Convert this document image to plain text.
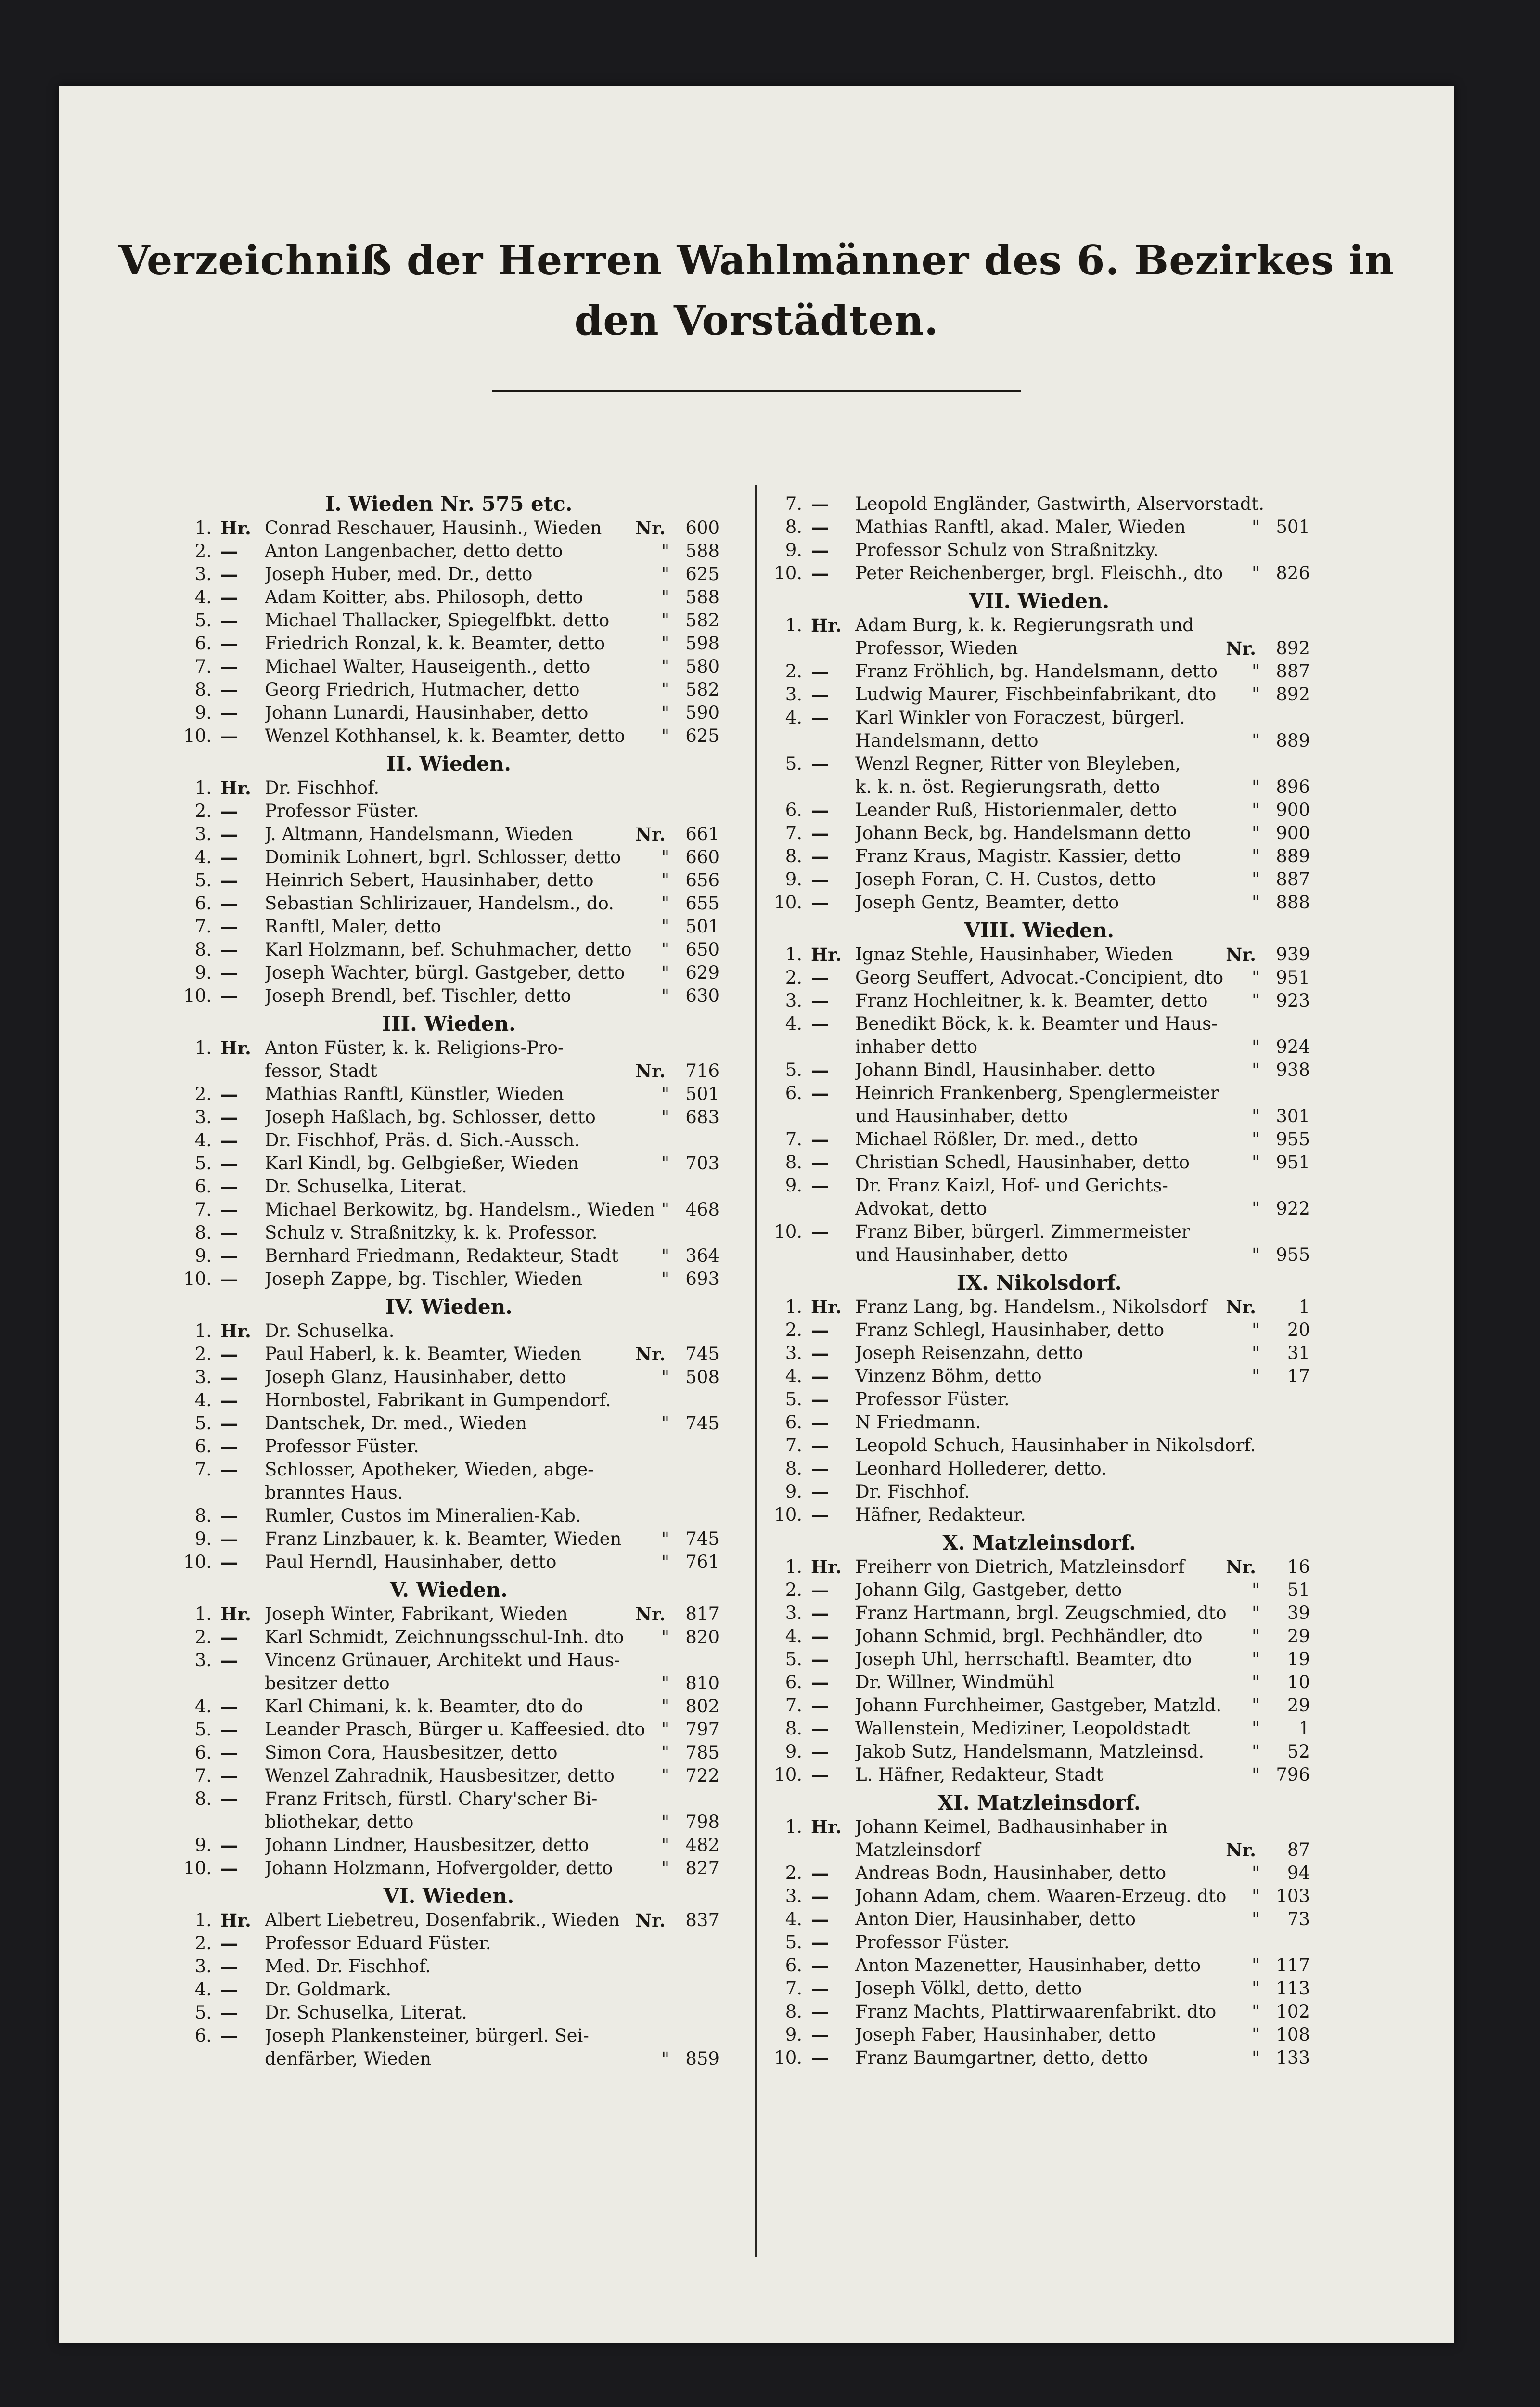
Verzeichniß der Herren Wahlmänner des 6. Bezirkes in
den Vorstädten.
I. Wieden Nr. 575 etc.
1. Hr. Conrad Reschauer, Hausinh., Wieden	Nr.	600
2. — Anton Langenbacher, detto detto	" 588
3. — Joseph Huber, med. Dr., detto	" 625
4. — Adam Koitter, abs. Philosoph, detto	" 588
5. — Michael Thallacker, Spiegelfbkt. detto	" 582
6. — Friedrich Ronzal, k. k. Beamter, detto	" 598
7. — Michael Walter, Hauseigenth., detto	" 580
8. — Georg Friedrich, Hutmacher, detto	" 582
9. — Johann Lunardi, Hausinhaber, detto	" 590
10. — Wenzel Kothhansel, k. k. Beamter, detto	" 625
II. Wieden.
1. Hr. Dr. Fischhof.
2. — Professor Füster.
3. — J. Altmann, Handelsmann, Wieden	Nr.	661
4. — Dominik Lohnert, bgrl. Schlosser, detto	" 660
5. — Heinrich Sebert, Hausinhaber, detto	" 656
6. — Sebastian Schlirizauer, Handelsm., do.	" 655
7. — Ranftl, Maler, detto	" 501
8. — Karl Holzmann, bef. Schuhmacher, detto	" 650
9. — Joseph Wachter, bürgl. Gastgeber, detto	" 629
10. — Joseph Brendl, bef. Tischler, detto	" 630
III. Wieden.
1. Hr. Anton Füster, k. k. Religions-Pro-
fessor, Stadt	Nr.	716
2. — Mathias Ranftl, Künstler, Wieden	" 501
3. — Joseph Haßlach, bg. Schlosser, detto	" 683
4. — Dr. Fischhof, Präs. d. Sich.-Aussch.
5. — Karl Kindl, bg. Gelbgießer, Wieden	" 703
6. — Dr. Schuselka, Literat.
7. — Michael Berkowitz, bg. Handelsm., Wieden " 468
8. — Schulz v. Straßnitzky, k. k. Professor.
9. — Bernhard Friedmann, Redakteur, Stadt	" 364
10. — Joseph Zappe, bg. Tischler, Wieden	" 693
IV. Wieden.
1. Hr. Dr. Schuselka.
2. — Paul Haberl, k. k. Beamter, Wieden	Nr.	745
3. — Joseph Glanz, Hausinhaber, detto	" 508
4. — Hornbostel, Fabrikant in Gumpendorf.
5. — Dantschek, Dr. med., Wieden	" 745
6. — Professor Füster.
7. — Schlosser, Apotheker, Wieden, abge-
branntes Haus.
8. — Rumler, Custos im Mineralien-Kab.
9. — Franz Linzbauer, k. k. Beamter, Wieden	" 745
10. — Paul Herndl, Hausinhaber, detto	" 761
V. Wieden.
1. Hr. Joseph Winter, Fabrikant, Wieden	Nr.	817
2. — Karl Schmidt, Zeichnungsschul-Inh. dto	" 820
3. — Vincenz Grünauer, Architekt und Haus-
besitzer detto	" 810
4. — Karl Chimani, k. k. Beamter, dto do	" 802
5. — Leander Prasch, Bürger u. Kaffeesied. dto " 797
6. — Simon Cora, Hausbesitzer, detto	" 785
7. — Wenzel Zahradnik, Hausbesitzer, detto	" 722
8. — Franz Fritsch, fürstl. Chary'scher Bi-
bliothekar, detto	" 798
9. — Johann Lindner, Hausbesitzer, detto	" 482
10. — Johann Holzmann, Hofvergolder, detto	" 827
VI. Wieden.
1. Hr. Albert Liebetreu, Dosenfabrik., Wieden Nr.	837
2. — Professor Eduard Füster.
3. — Med. Dr. Fischhof.
4. — Dr. Goldmark.
5. — Dr. Schuselka, Literat.
6. — Joseph Plankensteiner, bürgerl. Sei-
denfärber, Wieden	" 859
7. — Leopold Engländer, Gastwirth, Alservorstadt.
8. — Mathias Ranftl, akad. Maler, Wieden	" 501
9. — Professor Schulz von Straßnitzky.
10. — Peter Reichenberger, brgl. Fleischh., dto	" 826
VII. Wieden.
1. Hr. Adam Burg, k. k. Regierungsrath und
Professor, Wieden	Nr.	892
2. — Franz Fröhlich, bg. Handelsmann, detto	" 887
3. — Ludwig Maurer, Fischbeinfabrikant, dto	" 892
4. — Karl Winkler von Foraczest, bürgerl.
Handelsmann, detto	" 889
5. — Wenzl Regner, Ritter von Bleyleben,
k. k. n. öst. Regierungsrath, detto	" 896
6. — Leander Ruß, Historienmaler, detto	" 900
7. — Johann Beck, bg. Handelsmann detto	" 900
8. — Franz Kraus, Magistr. Kassier, detto	" 889
9. — Joseph Foran, C. H. Custos, detto	" 887
10. — Joseph Gentz, Beamter, detto	" 888
VIII. Wieden.
1. Hr. Ignaz Stehle, Hausinhaber, Wieden	Nr.	939
2. — Georg Seuffert, Advocat.-Concipient, dto	" 951
3. — Franz Hochleitner, k. k. Beamter, detto	" 923
4. — Benedikt Böck, k. k. Beamter und Haus-
inhaber detto	" 924
5. — Johann Bindl, Hausinhaber. detto	" 938
6. — Heinrich Frankenberg, Spenglermeister
und Hausinhaber, detto	" 301
7. — Michael Rößler, Dr. med., detto	" 955
8. — Christian Schedl, Hausinhaber, detto	" 951
9. — Dr. Franz Kaizl, Hof- und Gerichts-
Advokat, detto	" 922
10. — Franz Biber, bürgerl. Zimmermeister
und Hausinhaber, detto	" 955
IX. Nikolsdorf.
1. Hr. Franz Lang, bg. Handelsm., Nikolsdorf	Nr.	1
2. — Franz Schlegl, Hausinhaber, detto	"	20
3. — Joseph Reisenzahn, detto	"	31
4. — Vinzenz Böhm, detto	"	17
5. — Professor Füster.
6. — N Friedmann.
7. — Leopold Schuch, Hausinhaber in Nikolsdorf.
8. — Leonhard Hollederer, detto.
9. — Dr. Fischhof.
10. — Häfner, Redakteur.
X. Matzleinsdorf.
1. Hr. Freiherr von Dietrich, Matzleinsdorf	Nr.	16
2. — Johann Gilg, Gastgeber, detto	"	51
3. — Franz Hartmann, brgl. Zeugschmied, dto	"	39
4. — Johann Schmid, brgl. Pechhändler, dto	"	29
5. — Joseph Uhl, herrschaftl. Beamter, dto	"	19
6. — Dr. Willner, Windmühl	"	10
7. — Johann Furchheimer, Gastgeber, Matzld.	"	29
8. — Wallenstein, Mediziner, Leopoldstadt	"	1
9. — Jakob Sutz, Handelsmann, Matzleinsd.	"	52
10. — L. Häfner, Redakteur, Stadt	" 796
XI. Matzleinsdorf.
1. Hr. Johann Keimel, Badhausinhaber in
Matzleinsdorf	Nr.	87
2. — Andreas Bodn, Hausinhaber, detto	"	94
3. — Johann Adam, chem. Waaren-Erzeug. dto	" 103
4. — Anton Dier, Hausinhaber, detto	"	73
5. — Professor Füster.
6. — Anton Mazenetter, Hausinhaber, detto	" 117
7. — Joseph Völkl, detto, detto	" 113
8. — Franz Machts, Plattirwaarenfabrikt. dto	" 102
9. — Joseph Faber, Hausinhaber, detto	" 108
10. — Franz Baumgartner, detto, detto	" 133
